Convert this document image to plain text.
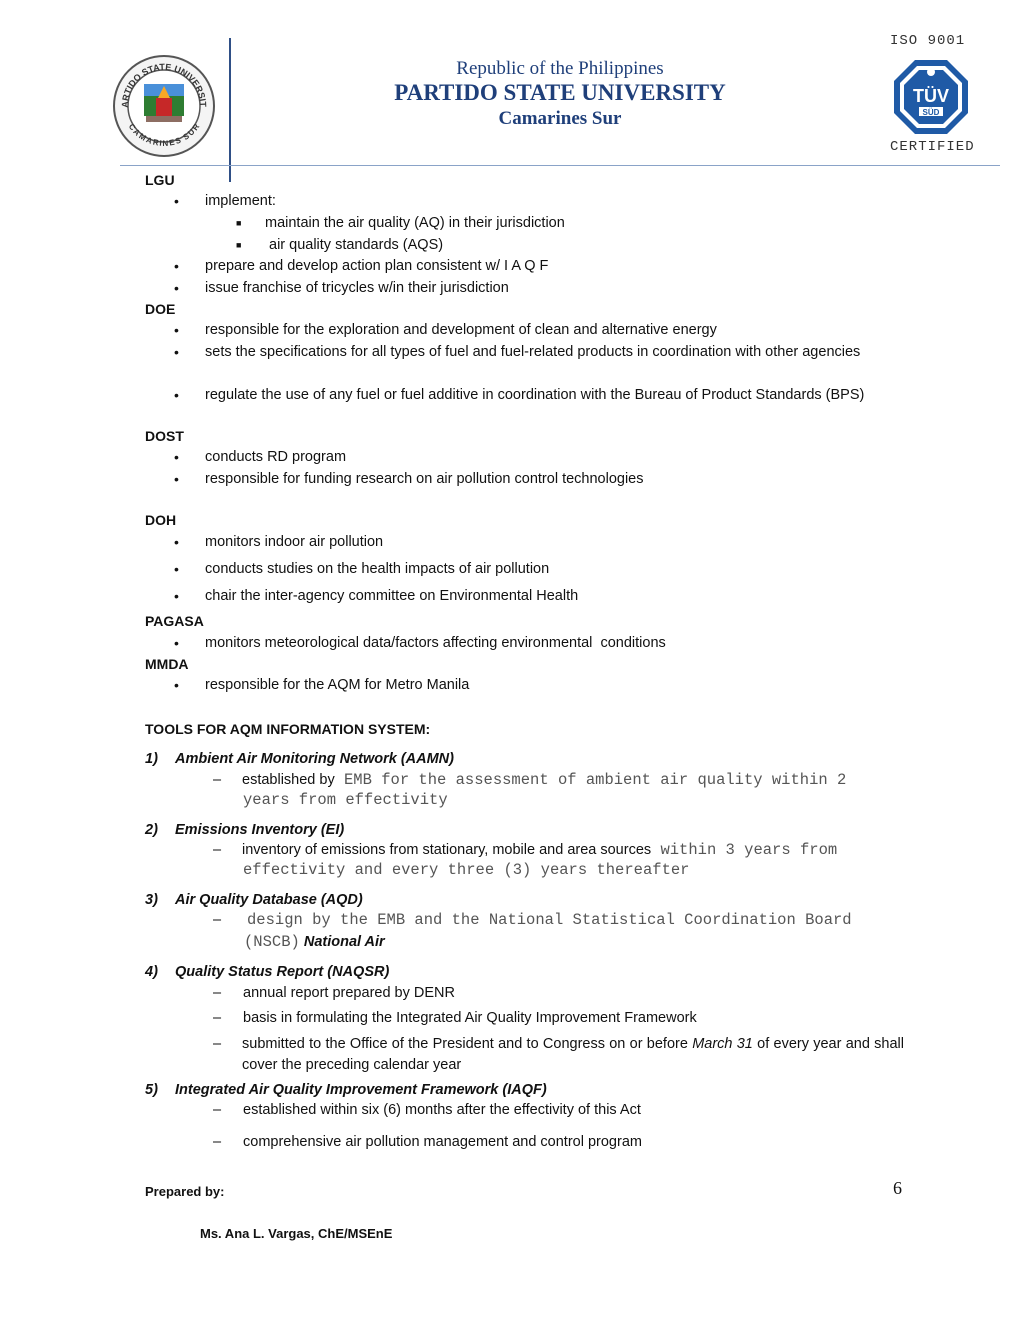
ARTIDO STATE UNIVERSIT
CAMARINES SUR
Republic of the Philippines
PARTIDO STATE UNIVERSITY
Camarines Sur
ISO 9001
TÜV
SÜD
CERTIFIED
LGU
• implement:
■ maintain the air quality (AQ) in their jurisdiction
■ air quality standards (AQS)
• prepare and develop action plan consistent w/ I A Q F
• issue franchise of tricycles w/in their jurisdiction
DOE
• responsible for the exploration and development of clean and alternative energy
• sets the specifications for all types of fuel and fuel-related products in coordination with other agencies
• regulate the use of any fuel or fuel additive in coordination with the Bureau of Product Standards (BPS)
DOST
• conducts RD program
• responsible for funding research on air pollution control technologies
DOH
• monitors indoor air pollution
• conducts studies on the health impacts of air pollution
• chair the inter-agency committee on Environmental Health
PAGASA
• monitors meteorological data/factors affecting environmental  conditions
MMDA
• responsible for the AQM for Metro Manila
TOOLS FOR AQM INFORMATION SYSTEM:
1) Ambient Air Monitoring Network (AAMN)
– established by EMB for the assessment of ambient air quality within 2
years from effectivity
2) Emissions Inventory (EI)
– inventory of emissions from stationary, mobile and area sources within 3 years from
effectivity and every three (3) years thereafter
3) Air Quality Database (AQD)
– design by the EMB and the National Statistical Coordination Board
(NSCB) National Air
4) Quality Status Report (NAQSR)
– annual report prepared by DENR
– basis in formulating the Integrated Air Quality Improvement Framework
– submitted to the Office of the President and to Congress on or before March 31 of every year and shall cover the preceding calendar year
5) Integrated Air Quality Improvement Framework (IAQF)
– established within six (6) months after the effectivity of this Act
– comprehensive air pollution management and control program
Prepared by:	6
Ms. Ana L. Vargas, ChE/MSEnE
